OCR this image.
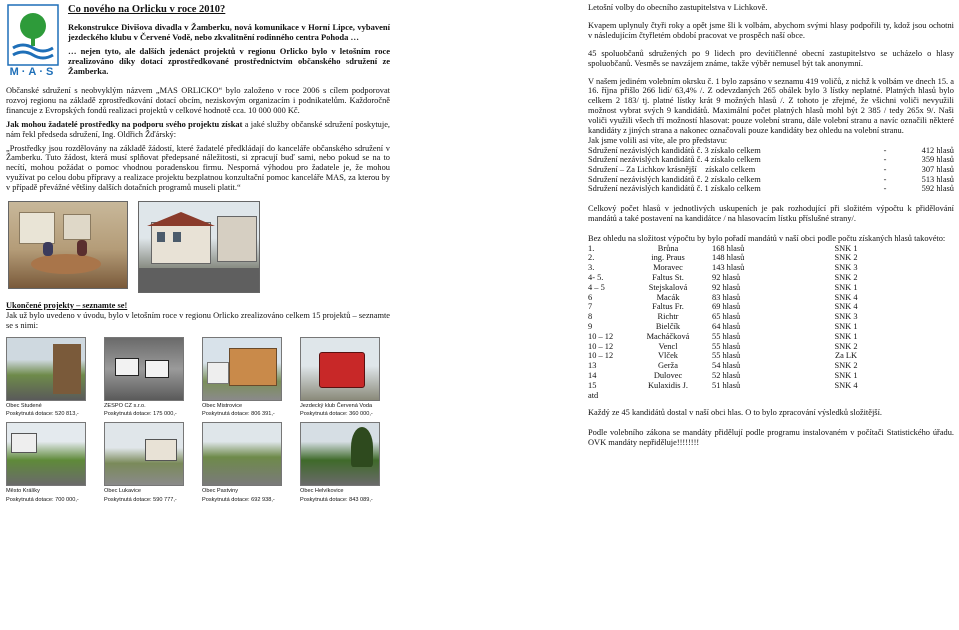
M·A·S
Co nového na Orlicku v roce 2010?
Rekonstrukce Divišova divadla v Žamberku, nová komunikace v Horní Lipce, vybavení jezdeckého klubu v Červené Vodě, nebo zkvalitnění rodinného centra Pohoda …
… nejen tyto, ale dalších jedenáct projektů v regionu Orlicko bylo v letošním roce zrealizováno díky dotací zprostředkované prostřednictvím občanského sdružení ze Žamberka.

Občanské sdružení s neobvyklým názvem „MAS ORLICKO“ bylo založeno v roce 2006 s cílem podporovat rozvoj regionu na základě zprostředkování dotací obcím, neziskovým organizacím i podnikatelům. Každoročně financuje z Evropských fondů realizaci projektů v celkové hodnotě cca. 10 000 000 Kč.

Jak mohou žadatelé prostředky na podporu svého projektu získat a jaké služby občanské sdružení poskytuje, nám řekl předseda sdružení, Ing. Oldřich Žďárský:

„Prostředky jsou rozdělovány na základě žádostí, které žadatelé předkládají do kanceláře občanského sdružení v Žamberku. Tuto žádost, která musí splňovat předepsané náležitosti, si zpracují buď sami, nebo pokud se na to necítí, mohou požádat o pomoc vhodnou poradenskou firmu. Nesporná výhodou pro žadatele je, že mohou využívat po celou dobu přípravy a realizace projektu bezplatnou konzultační pomoc kanceláře MAS, za kterou by v případě převážné většiny dalších dotačních programů museli platit.“

Ukončené projekty – seznamte se!

Jak už bylo uvedeno v úvodu, bylo v letošním roce v regionu Orlicko zrealizováno celkem 15 projektů – seznamte se s nimi:

Obec Studené
Poskytnutá dotace: 520 813,-
ZESPO CZ s.r.o.
Poskytnutá dotace: 175 000,-
Obec Mistrovice
Poskytnutá dotace: 806 391,-
Jezdecký klub Červená Voda
Poskytnutá dotace: 360 000,-
Město Králíky
Poskytnutá dotace: 700 000,-
Obec Lukavice
Poskytnutá dotace: 590 777,-
Obec Pastviny
Poskytnutá dotace: 692 938,-
Obec Helvíkovice
Poskytnutá dotace: 843 089,-

Letošní volby do obecního zastupitelstva v Lichkově.

Kvapem uplynuly čtyři roky a opět jsme šli k volbám, abychom svými hlasy podpořili ty, kdož jsou ochotni v následujícím čtyřletém období pracovat ve prospěch naší obce.

45 spoluobčanů sdružených po 9 lidech pro devítičlenné obecní zastupitelstvo se ucházelo o hlasy spoluobčanů. Vesměs se navzájem známe, takže výběr nemusel být tak anonymní.

V našem jediném volebním okrsku č. 1 bylo zapsáno v seznamu 419 voličů, z nichž k volbám ve dnech 15. a 16. října přišlo 266 lidí/ 63,4% /. Z odevzdaných 265 obálek bylo 3 lístky neplatné. Platných hlasů bylo celkem 2 183/ tj. platné lístky krát 9 možných hlasů /. Z tohoto je zřejmé, že všichni voliči nevyužili možnost vybrat svých 9 kandidátů. Maximální počet platných hlasů mohl být 2 385 / tedy 265x 9/. Naši voliči využili všech tří možností hlasovat: pouze volební stranu, dále volební stranu a navíc označili některé kandidáty z jiných strana a nakonec označovali pouze kandidáty bez ohledu na volební stranu.

Jak jsme volili asi víte, ale pro představu:

Sdružení nezávislých kandidátů č. 3 získalo celkem	-	412 hlasů
Sdružení nezávislých kandidátů č. 4 získalo celkem	-	359 hlasů
Sdružení – Za Lichkov krásnější    získalo celkem	-	307 hlasů
Sdružení nezávislých kandidátů č. 2 získalo celkem	-	513 hlasů
Sdružení nezávislých kandidátů č. 1 získalo celkem	-	592 hlasů

Celkový počet hlasů v jednotlivých uskupeních je pak rozhodující při složitém výpočtu k přidělování mandátů a také postavení na kandidátce / na hlasovacím lístku příslušné strany/.

Bez ohledu na složitost výpočtu by bylo pořadí mandátů v naší obci podle počtu získaných hlasů takovéto:

1.	Brůna	168 hlasů	SNK 1
2.	ing. Praus	148 hlasů	SNK 2
3.	Moravec	143 hlasů	SNK 3
4- 5.	Faltus St.	92 hlasů	SNK 2
4 – 5	Stejskalová	92 hlasů	SNK 1
6	Macák	83 hlasů	SNK 4
7	Faltus Fr.	69 hlasů	SNK 4
8	Richtr	65 hlasů	SNK 3
9	Bielčík	64 hlasů	SNK 1
10 – 12	Macháčková	55 hlasů	SNK 1
10 – 12	Vencl	55 hlasů	SNK 2
10 – 12	Vlček	55 hlasů	Za LK
13	Gerža	54 hlasů	SNK 2
14	Dulovec	52 hlasů	SNK 1
15	Kulaxidis J.	51 hlasů	SNK 4
atd			

Každý ze 45 kandidátů dostal v naší obci hlas. O to bylo zpracování výsledků složitější.

Podle volebního zákona se mandáty přidělují podle programu instalovaném v počítači Statistického úřadu. OVK mandáty nepřiděluje!!!!!!!!
